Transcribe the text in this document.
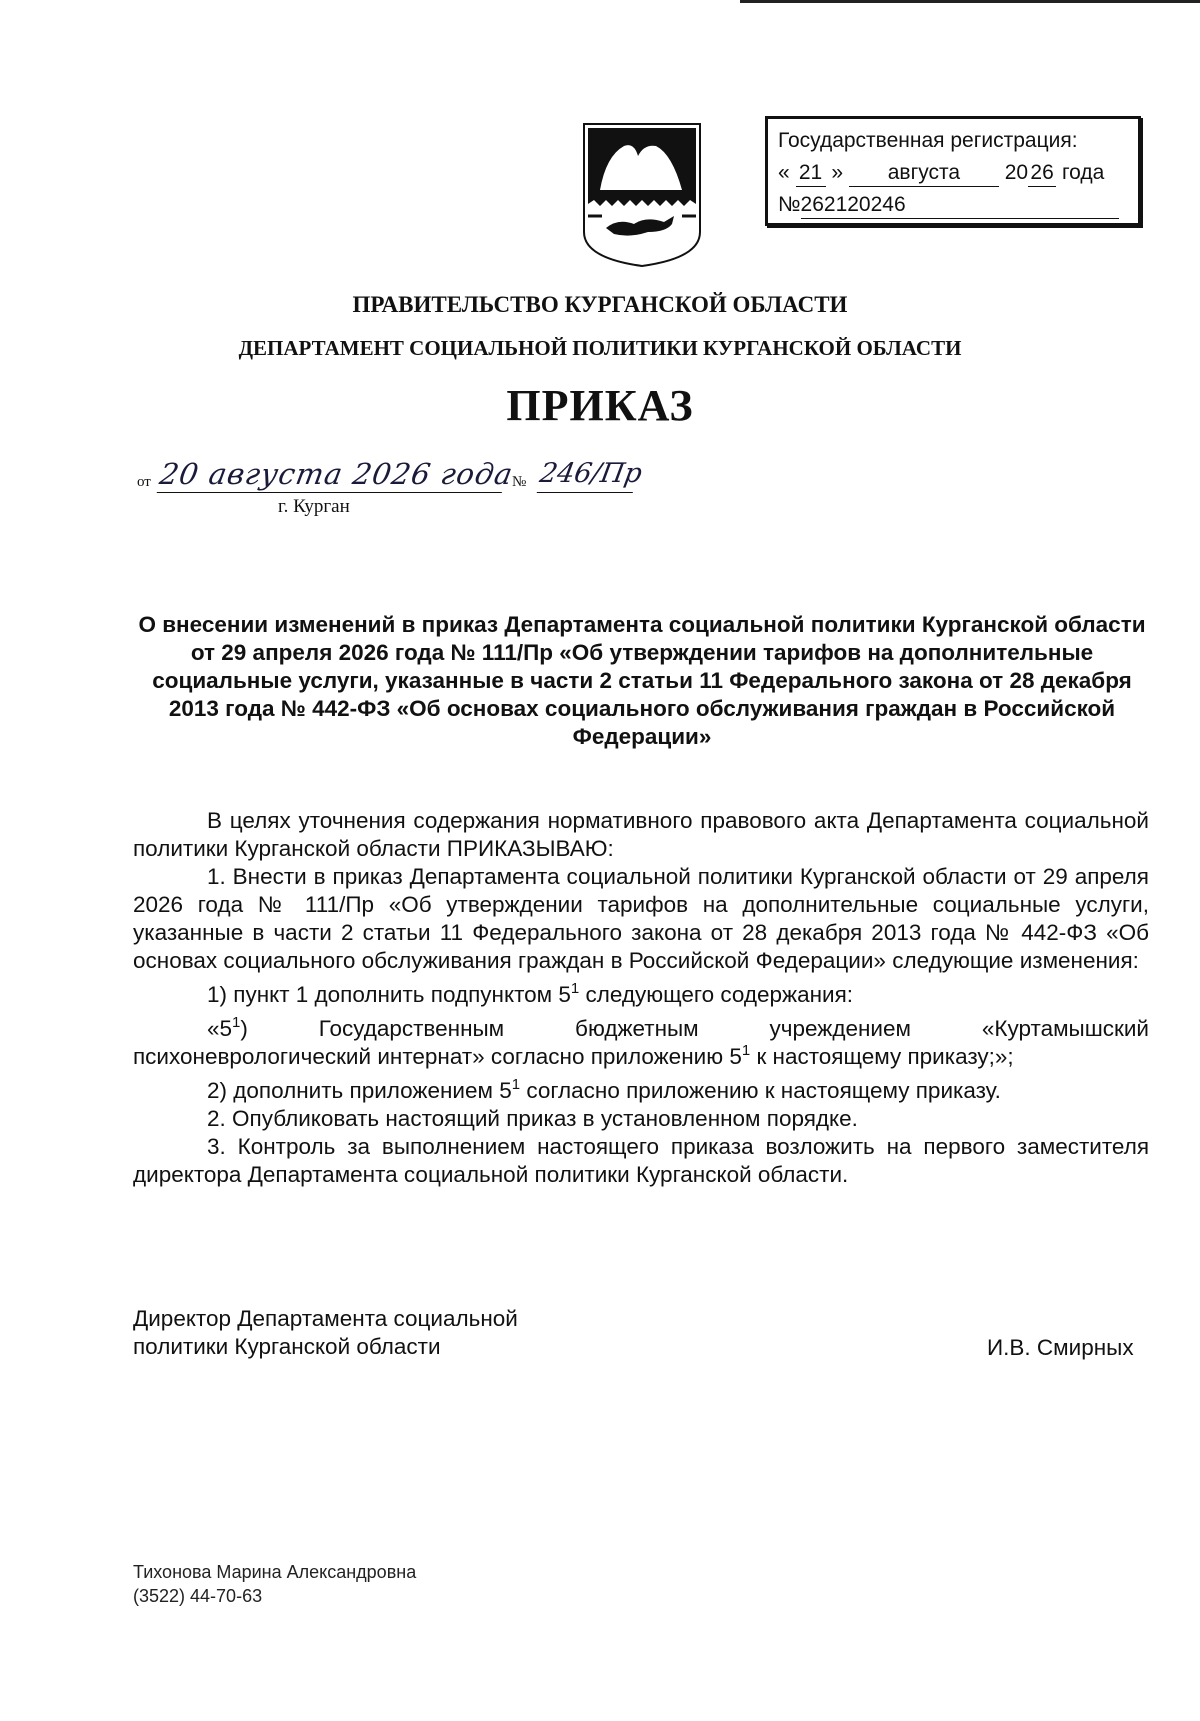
Государственная регистрация:
« 21 » августа 20 26 года
№262120246
ПРАВИТЕЛЬСТВО КУРГАНСКОЙ ОБЛАСТИ
ДЕПАРТАМЕНТ СОЦИАЛЬНОЙ ПОЛИТИКИ КУРГАНСКОЙ ОБЛАСТИ
ПРИКАЗ
от 20 августа 2026 года
№ 246/Пр
г. Курган
О внесении изменений в приказ Департамента социальной политики Курганской области от 29 апреля 2026 года № 111/Пр «Об утверждении тарифов на дополнительные социальные услуги, указанные в части 2 статьи 11 Федерального закона от 28 декабря 2013 года № 442-ФЗ «Об основах социального обслуживания граждан в Российской Федерации»

В целях уточнения содержания нормативного правового акта Департамента социальной политики Курганской области ПРИКАЗЫВАЮ:

1. Внести в приказ Департамента социальной политики Курганской области от 29 апреля 2026 года № 111/Пр «Об утверждении тарифов на дополнительные социальные услуги, указанные в части 2 статьи 11 Федерального закона от 28 декабря 2013 года № 442-ФЗ «Об основах социального обслуживания граждан в Российской Федерации» следующие изменения:

1) пункт 1 дополнить подпунктом $5^1$ следующего содержания:

«$5^1$) Государственным бюджетным учреждением «Куртамышский

психоневрологический интернат» согласно приложению $5^1$ к настоящему приказу;»;

2) дополнить приложением $5^1$ согласно приложению к настоящему приказу.

2. Опубликовать настоящий приказ в установленном порядке.

3. Контроль за выполнением настоящего приказа возложить на первого заместителя директора Департамента социальной политики Курганской области.

Директор Департамента социальной
политики Курганской области	И.В. Смирных
Тихонова Марина Александровна
(3522) 44-70-63
